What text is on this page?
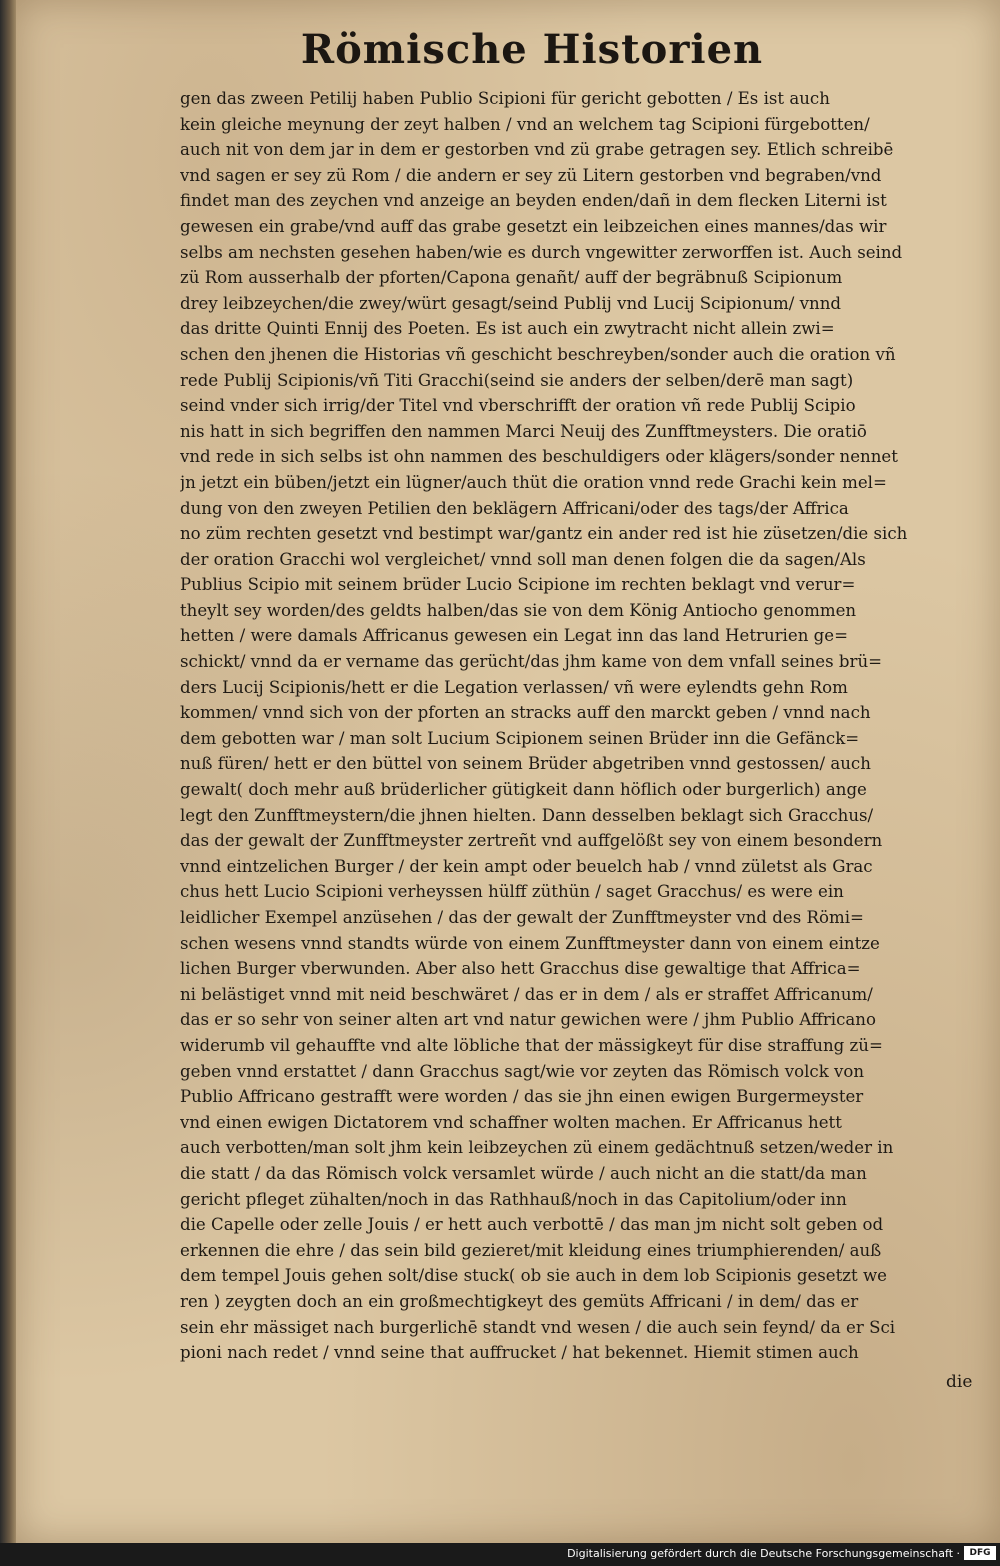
Römische Historien
gen das zween Petilij haben Publio Scipioni für gericht gebotten / Es ist auch
kein gleiche meynung der zeyt halben / vnd an welchem tag Scipioni fürgebotten/
auch nit von dem jar in dem er gestorben vnd zü grabe getragen sey. Etlich schreibē
vnd sagen er sey zü Rom / die andern er sey zü Litern gestorben vnd begraben/vnd
findet man des zeychen vnd anzeige an beyden enden/dañ in dem flecken Literni ist
gewesen ein grabe/vnd auff das grabe gesetzt ein leibzeichen eines mannes/das wir
selbs am nechsten gesehen haben/wie es durch vngewitter zerworffen ist. Auch seind
zü Rom ausserhalb der pforten/Capona genañt/ auff der begräbnuß Scipionum
drey leibzeychen/die zwey/würt gesagt/seind Publij vnd Lucij Scipionum/ vnnd
das dritte Quinti Ennij des Poeten. Es ist auch ein zwytracht nicht allein zwi=
schen den jhenen die Historias vñ geschicht beschreyben/sonder auch die oration vñ
rede Publij Scipionis/vñ Titi Gracchi(seind sie anders der selben/derē man sagt)
seind vnder sich irrig/der Titel vnd vberschrifft der oration vñ rede Publij Scipio
nis hatt in sich begriffen den nammen Marci Neuij des Zunfftmeysters. Die oratiō
vnd rede in sich selbs ist ohn nammen des beschuldigers oder klägers/sonder nennet
jn jetzt ein büben/jetzt ein lügner/auch thüt die oration vnnd rede Grachi kein mel=
dung von den zweyen Petilien den beklägern Affricani/oder des tags/der Affrica
no züm rechten gesetzt vnd bestimpt war/gantz ein ander red ist hie züsetzen/die sich
der oration Gracchi wol vergleichet/ vnnd soll man denen folgen die da sagen/Als
Publius Scipio mit seinem brüder Lucio Scipione im rechten beklagt vnd verur=
theylt sey worden/des geldts halben/das sie von dem König Antiocho genommen
hetten / were damals Affricanus gewesen ein Legat inn das land Hetrurien ge=
schickt/ vnnd da er vername das gerücht/das jhm kame von dem vnfall seines brü=
ders Lucij Scipionis/hett er die Legation verlassen/ vñ were eylendts gehn Rom
kommen/ vnnd sich von der pforten an stracks auff den marckt geben / vnnd nach
dem gebotten war / man solt Lucium Scipionem seinen Brüder inn die Gefänck=
nuß füren/ hett er den büttel von seinem Brüder abgetriben vnnd gestossen/ auch
gewalt( doch mehr auß brüderlicher gütigkeit dann höflich oder burgerlich) ange
legt den Zunfftmeystern/die jhnen hielten. Dann desselben beklagt sich Gracchus/
das der gewalt der Zunfftmeyster zertreñt vnd auffgelößt sey von einem besondern
vnnd eintzelichen Burger / der kein ampt oder beuelch hab / vnnd zületst als Grac
chus hett Lucio Scipioni verheyssen hülff züthün / saget Gracchus/ es were ein
leidlicher Exempel anzüsehen / das der gewalt der Zunfftmeyster vnd des Römi=
schen wesens vnnd standts würde von einem Zunfftmeyster dann von einem eintze
lichen Burger vberwunden. Aber also hett Gracchus dise gewaltige that Affrica=
ni belästiget vnnd mit neid beschwäret / das er in dem / als er straffet Affricanum/
das er so sehr von seiner alten art vnd natur gewichen were / jhm Publio Affricano
widerumb vil gehauffte vnd alte löbliche that der mässigkeyt für dise straffung zü=
geben vnnd erstattet / dann Gracchus sagt/wie vor zeyten das Römisch volck von
Publio Affricano gestrafft were worden / das sie jhn einen ewigen Burgermeyster
vnd einen ewigen Dictatorem vnd schaffner wolten machen. Er Affricanus hett
auch verbotten/man solt jhm kein leibzeychen zü einem gedächtnuß setzen/weder in
die statt / da das Römisch volck versamlet würde / auch nicht an die statt/da man
gericht pfleget zühalten/noch in das Rathhauß/noch in das Capitolium/oder inn
die Capelle oder zelle Jouis / er hett auch verbottē / das man jm nicht solt geben od
erkennen die ehre / das sein bild gezieret/mit kleidung eines triumphierenden/ auß
dem tempel Jouis gehen solt/dise stuck( ob sie auch in dem lob Scipionis gesetzt we
ren ) zeygten doch an ein großmechtigkeyt des gemüts Affricani / in dem/ das er
sein ehr mässiget nach burgerlichē standt vnd wesen / die auch sein feynd/ da er Sci
pioni nach redet / vnnd seine that auffrucket / hat bekennet. Hiemit stimen auch
die
Digitalisierung gefördert durch die Deutsche Forschungsgemeinschaft ·	DFG
